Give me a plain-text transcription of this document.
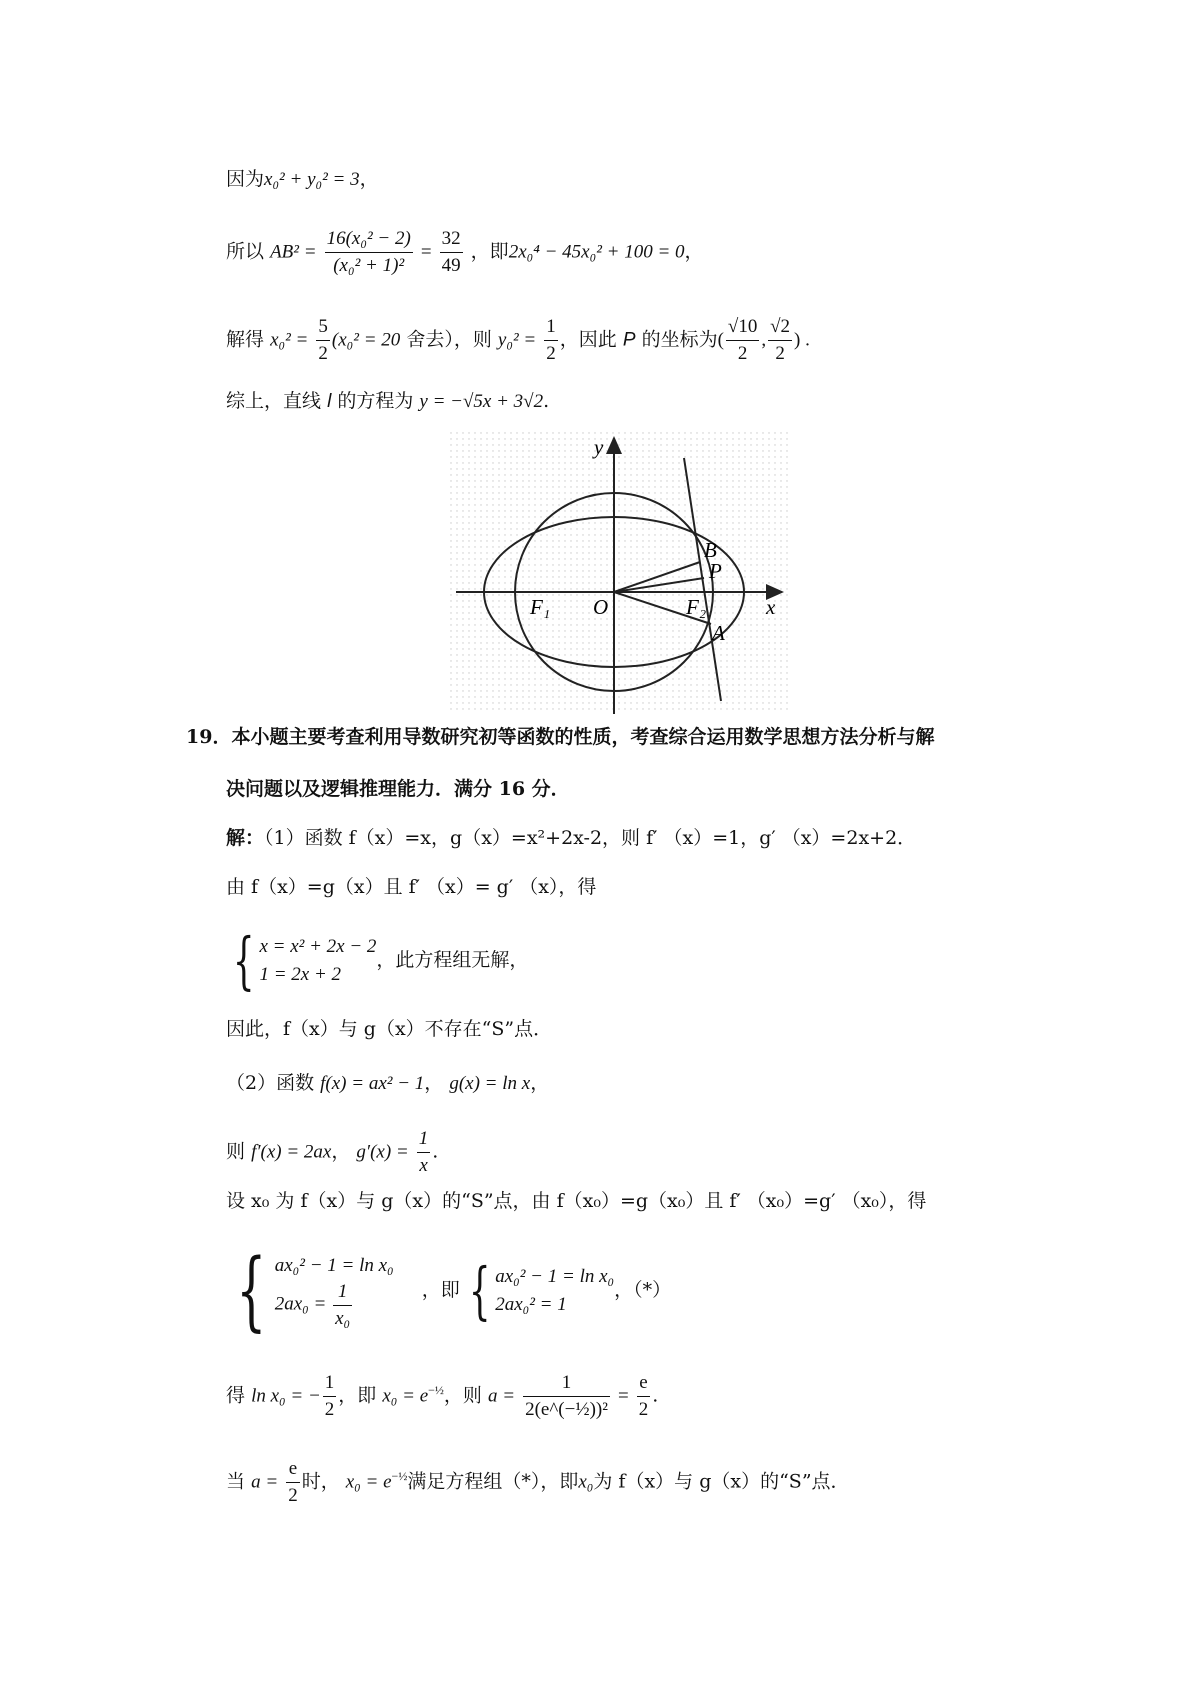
因为x₀² + y₀² = 3，
所以 $AB^2 = \frac{\text{16(x₀² − 2)}}{\text{(x₀² + 1)²}} = \frac{32}{49}$ ，即2x₀⁴ − 45x₀² + 100 = 0，
解得 $x_0^2 = \frac{5}{2} (x_0^2 = 20$ 舍去），则 $y_0^2 = \frac{1}{2}$ ，因此 P 的坐标为( $\frac{√10}{2}$ , $\frac{√2}{2}$ ) .
综上，直线 l 的方程为 y = −√5x + 3√2.
y
x
O
F₁	F₂
A
B
P
19．本小题主要考查利用导数研究初等函数的性质，考查综合运用数学思想方法分析与解
决问题以及逻辑推理能力．满分 16 分．
解：（1）函数 f（x）=x，g（x）=x²+2x-2，则 f′ （x）=1，g′ （x）=2x+2．
由 f（x）=g（x）且 f′ （x）= g′ （x），得
{ x = x² + 2x − 2
1 = 2x + 2
，此方程组无解，
因此，f（x）与 g（x）不存在“S”点．
（2）函数 f(x) = ax² − 1， g(x) = ln x，
则 f′(x) = 2ax， $g'(x) = \frac{1}{x}$ .
设 x₀ 为 f（x）与 g（x）的“S”点，由 f（x₀）=g（x₀）且 f′ （x₀）=g′ （x₀），得
{ ax₀² − 1 = ln x₀
$2ax_0 = \frac{1}{\text{x₀}}$	，即 { ax₀² − 1 = ln x₀
2ax₀² = 1
，（*）
得 ln x₀ = − $\frac{1}{2}$ ，即 $x_0 = e^{-\frac{1}{2}}$，则 $a = \frac{1}{\text{2(e\textasciicircum{}(−½))²}} = \frac{e}{2}$ .
当 $a = \frac{e}{2}$ 时， $x_0 = e^{-\frac{1}{2}}$满足方程组（*），即x₀为 f（x）与 g（x）的“S”点．
